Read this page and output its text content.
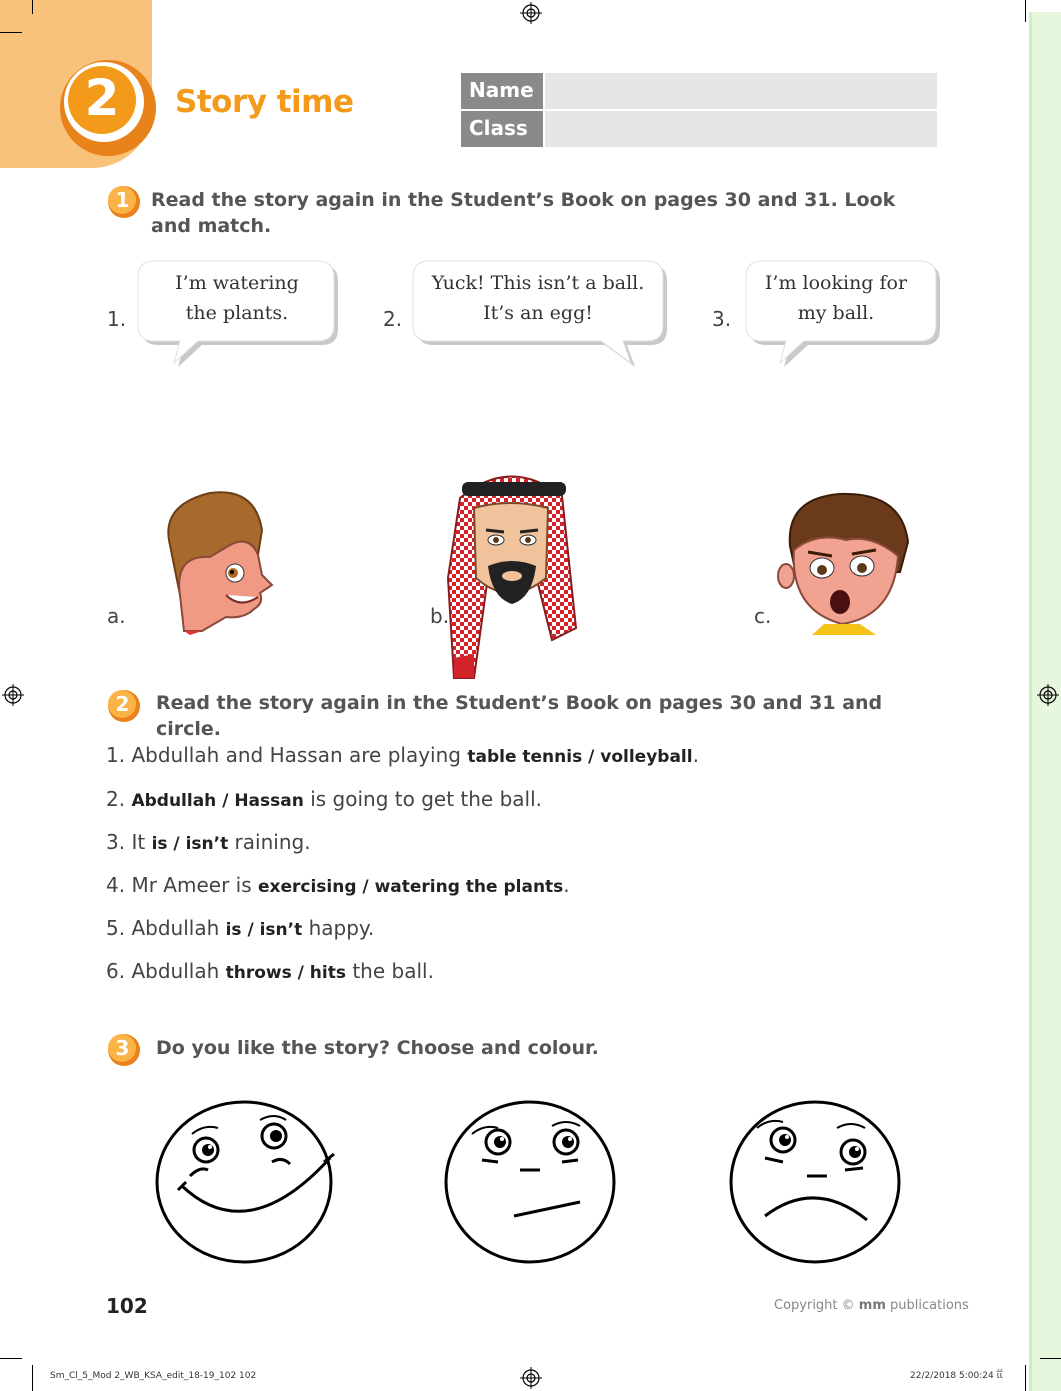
2	Story time	Name
Class
1	Read the story again in the Student’s Book on pages 30 and 31. Look and match.
1.
I’m watering
the plants.	2.
Yuck! This isn’t a ball.
It’s an egg!	3.
I’m looking for
my ball.
a.	b.	c.
2	Read the story again in the Student’s Book on pages 30 and 31 and circle.
1. Abdullah and Hassan are playing table tennis / volleyball.
2. Abdullah / Hassan is going to get the ball.
3. It is / isn’t raining.
4. Mr Ameer is exercising / watering the plants.
5. Abdullah is / isn’t happy.
6. Abdullah throws / hits the ball.
3	Do you like the story? Choose and colour.
102	Copyright © mm publications
Sm_Cl_5_Mod 2_WB_KSA_edit_18-19_102 102	22/2/2018 5:00:24 ΐΐ
